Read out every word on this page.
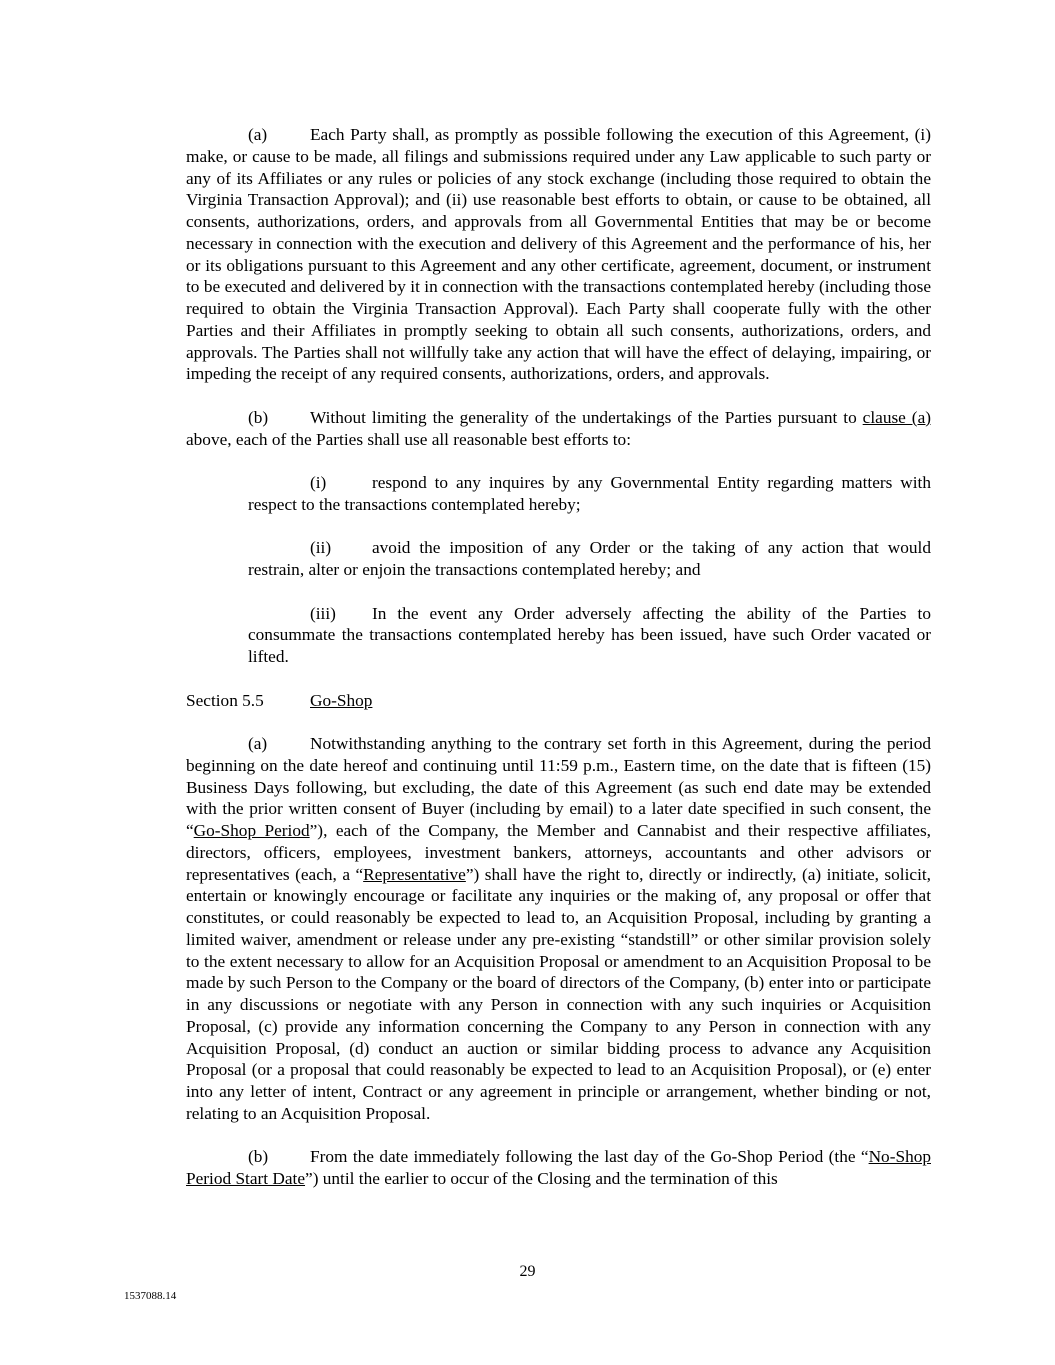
(a) Each Party shall, as promptly as possible following the execution of this Agreement, (i) make, or cause to be made, all filings and submissions required under any Law applicable to such party or any of its Affiliates or any rules or policies of any stock exchange (including those required to obtain the Virginia Transaction Approval); and (ii) use reasonable best efforts to obtain, or cause to be obtained, all consents, authorizations, orders, and approvals from all Governmental Entities that may be or become necessary in connection with the execution and delivery of this Agreement and the performance of his, her or its obligations pursuant to this Agreement and any other certificate, agreement, document, or instrument to be executed and delivered by it in connection with the transactions contemplated hereby (including those required to obtain the Virginia Transaction Approval). Each Party shall cooperate fully with the other Parties and their Affiliates in promptly seeking to obtain all such consents, authorizations, orders, and approvals. The Parties shall not willfully take any action that will have the effect of delaying, impairing, or impeding the receipt of any required consents, authorizations, orders, and approvals.

(b) Without limiting the generality of the undertakings of the Parties pursuant to clause (a) above, each of the Parties shall use all reasonable best efforts to:

(i)	respond to any inquires by any Governmental Entity regarding matters with respect to the transactions contemplated hereby;

(ii) avoid the imposition of any Order or the taking of any action that would restrain, alter or enjoin the transactions contemplated hereby; and

(iii) In the event any Order adversely affecting the ability of the Parties to consummate the transactions contemplated hereby has been issued, have such Order vacated or lifted.

Section 5.5	Go-Shop

(a) Notwithstanding anything to the contrary set forth in this Agreement, during the period beginning on the date hereof and continuing until 11:59 p.m., Eastern time, on the date that is fifteen (15) Business Days following, but excluding, the date of this Agreement (as such end date may be extended with the prior written consent of Buyer (including by email) to a later date specified in such consent, the “Go-Shop Period”), each of the Company, the Member and Cannabist and their respective affiliates, directors, officers, employees, investment bankers, attorneys, accountants and other advisors or representatives (each, a “Representative”) shall have the right to, directly or indirectly, (a) initiate, solicit, entertain or knowingly encourage or facilitate any inquiries or the making of, any proposal or offer that constitutes, or could reasonably be expected to lead to, an Acquisition Proposal, including by granting a limited waiver, amendment or release under any pre-existing “standstill” or other similar provision solely to the extent necessary to allow for an Acquisition Proposal or amendment to an Acquisition Proposal to be made by such Person to the Company or the board of directors of the Company, (b) enter into or participate in any discussions or negotiate with any Person in connection with any such inquiries or Acquisition Proposal, (c) provide any information concerning the Company to any Person in connection with any Acquisition Proposal, (d) conduct an auction or similar bidding process to advance any Acquisition Proposal (or a proposal that could reasonably be expected to lead to an Acquisition Proposal), or (e) enter into any letter of intent, Contract or any agreement in principle or arrangement, whether binding or not, relating to an Acquisition Proposal.

(b) From the date immediately following the last day of the Go-Shop Period (the “No-Shop Period Start Date”) until the earlier to occur of the Closing and the termination of this

29
1537088.14
